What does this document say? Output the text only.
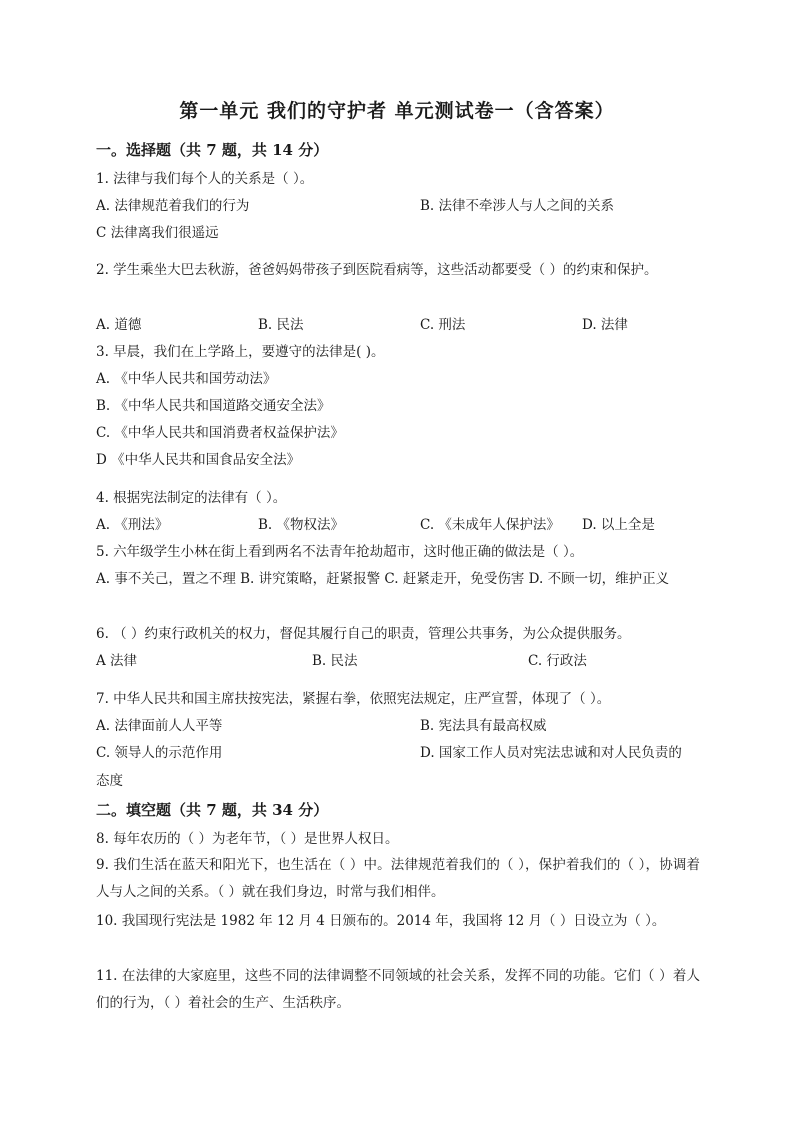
第一单元 我们的守护者 单元测试卷一（含答案）
一。选择题（共 7 题，共 14 分）
1. 法律与我们每个人的关系是（ ）。
A. 法律规范着我们的行为	B. 法律不牵涉人与人之间的关系
C 法律离我们很遥远
2. 学生乘坐大巴去秋游，爸爸妈妈带孩子到医院看病等，这些活动都要受（ ）的约束和保护。
A. 道德	B. 民法	C. 刑法	D. 法律
3. 早晨，我们在上学路上，要遵守的法律是( )。
A. 《中华人民共和国劳动法》
B. 《中华人民共和国道路交通安全法》
C. 《中华人民共和国消费者权益保护法》
D 《中华人民共和国食品安全法》
4. 根据宪法制定的法律有（ ）。
A. 《刑法》	B. 《物权法》	C. 《未成年人保护法》 D. 以上全是
5. 六年级学生小林在街上看到两名不法青年抢劫超市，这时他正确的做法是（ ）。
A. 事不关己，置之不理 B. 讲究策略，赶紧报警 C. 赶紧走开，免受伤害 D. 不顾一切，维护正义
6. （ ）约束行政机关的权力，督促其履行自己的职责，管理公共事务，为公众提供服务。
A 法律	B. 民法	C. 行政法
7. 中华人民共和国主席扶按宪法，紧握右拳，依照宪法规定，庄严宣誓，体现了（ ）。
A. 法律面前人人平等	B. 宪法具有最高权威
C. 领导人的示范作用	D. 国家工作人员对宪法忠诚和对人民负责的
态度
二。填空题（共 7 题，共 34 分）
8. 每年农历的（ ）为老年节，（ ）是世界人权日。
9. 我们生活在蓝天和阳光下，也生活在（ ）中。法律规范着我们的（ ），保护着我们的（ ），协调着人与人之间的关系。（ ）就在我们身边，时常与我们相伴。
10. 我国现行宪法是 1982 年 12 月 4 日颁布的。2014 年，我国将 12 月（ ）日设立为（ ）。
11. 在法律的大家庭里，这些不同的法律调整不同领域的社会关系，发挥不同的功能。它们（ ）着人们的行为，（ ）着社会的生产、生活秩序。
